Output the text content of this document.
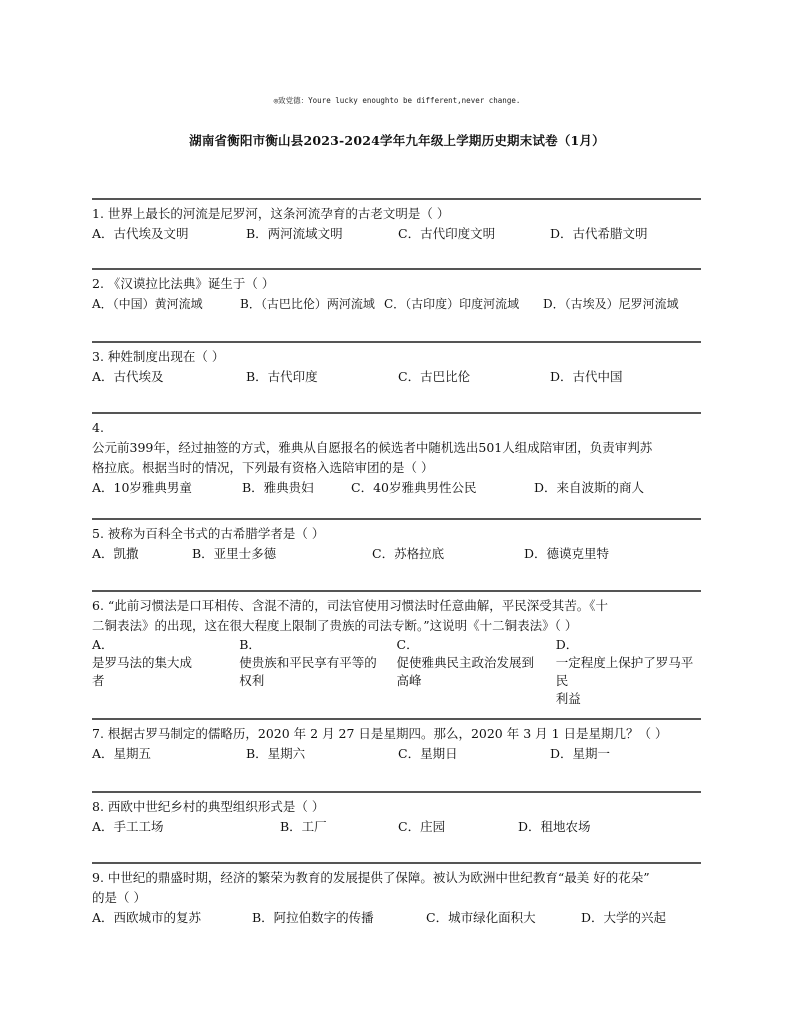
◎致党德：Youre lucky enoughto be different,never change.
湖南省衡阳市衡山县2023-2024学年九年级上学期历史期末试卷（1月）
1. 世界上最长的河流是尼罗河，这条河流孕育的古老文明是（ ）
A．古代埃及文明	B．两河流域文明	C．古代印度文明	D．古代希腊文明
2. 《汉谟拉比法典》诞生于（ ）
A．（中国）黄河流域	B．（古巴比伦）两河流域 C．（古印度）印度河流域 D．（古埃及）尼罗河流域
3. 种姓制度出现在（ ）
A．古代埃及	B．古代印度	C．古巴比伦	D．古代中国
4.
公元前399年，经过抽签的方式，雅典从自愿报名的候选者中随机选出501人组成陪审团，负责审判苏
格拉底。根据当时的情况，下列最有资格入选陪审团的是（ ）
A．10岁雅典男童	B．雅典贵妇	C．40岁雅典男性公民	D．来自波斯的商人
5. 被称为百科全书式的古希腊学者是（ ）
A．凯撒	B．亚里士多德	C．苏格拉底	D．德谟克里特
6. “此前习惯法是口耳相传、含混不清的，司法官使用习惯法时任意曲解，平民深受其苦。《十
二铜表法》的出现，这在很大程度上限制了贵族的司法专断。”这说明《十二铜表法》（ ）
A．
是罗马法的集大成
者
B．
使贵族和平民享有平等的
权利
C．
促使雅典民主政治发展到
高峰
D．
一定程度上保护了罗马平民
利益
7. 根据古罗马制定的儒略历，2020 年 2 月 27 日是星期四。那么，2020 年 3 月 1 日是星期几？（ ）
A．星期五	B．星期六	C．星期日	D．星期一
8. 西欧中世纪乡村的典型组织形式是（ ）
A．手工工场	B．工厂	C．庄园	D．租地农场
9. 中世纪的鼎盛时期，经济的繁荣为教育的发展提供了保障。被认为欧洲中世纪教育“最美 好的花朵”
的是（ ）
A．西欧城市的复苏	B．阿拉伯数字的传播	C．城市绿化面积大	D．大学的兴起
